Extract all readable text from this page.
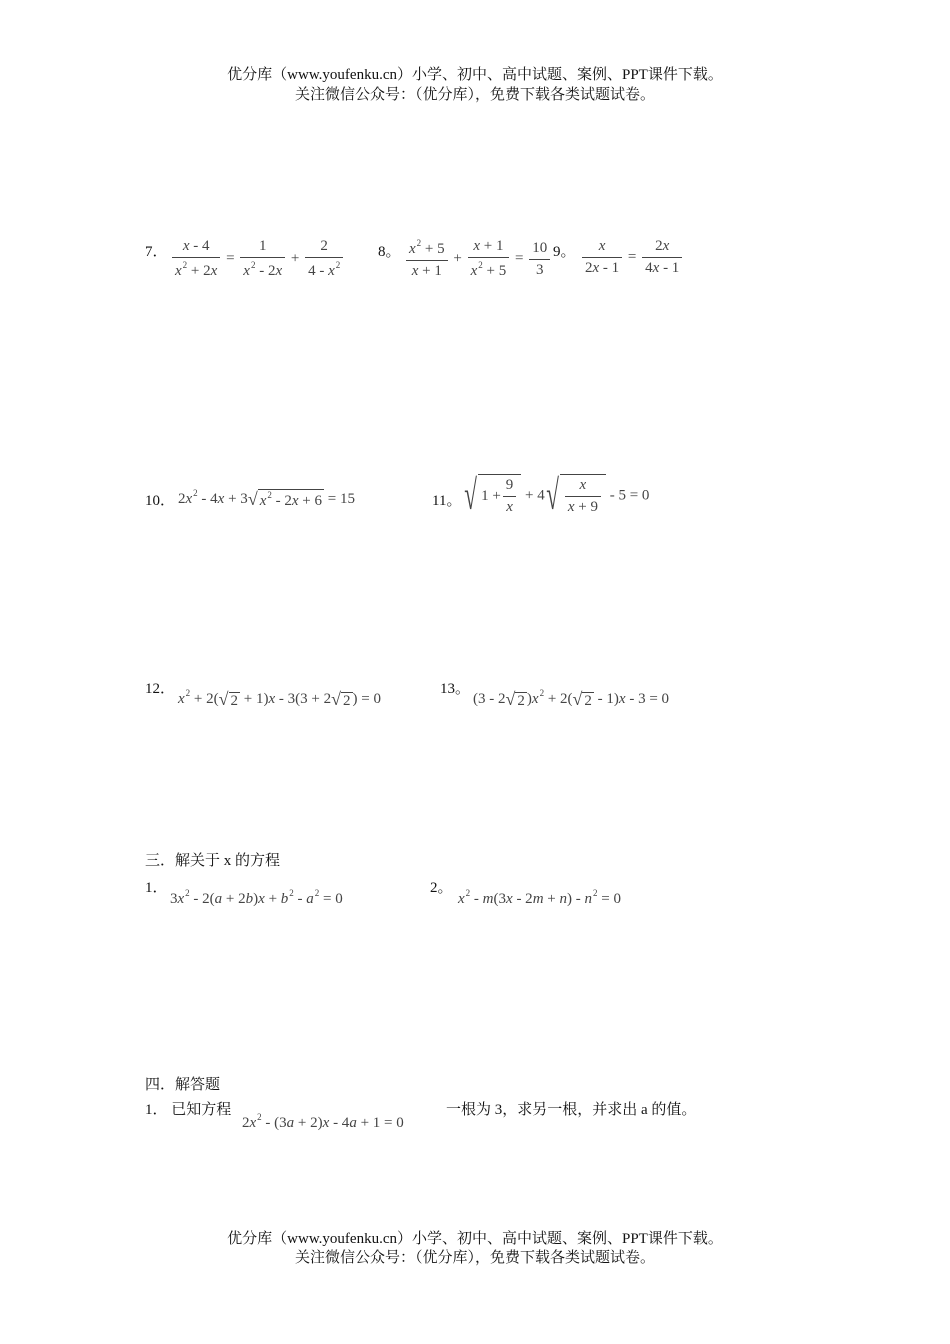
优分库（www.youfenku.cn）小学、初中、高中试题、案例、PPT课件下载。
关注微信公众号：（优分库），免费下载各类试题试卷。
7． $\frac{x - 4}{x^2 + 2x} = \frac{1}{x^2 - 2x} + \frac{2}{4 - x^2} 8$。 $\frac{x^2 + 5}{x + 1} + \frac{x + 1}{x^2 + 5} = \frac{10}{3} 9$。 $\frac{x}{2x - 1} = \frac{2x}{4x - 1}$
10． $2x^2 - 4x + 3√$ $x^2 - 2x + 6 = 15$	11。 √ $1 + \frac{9}{x} + 4$ √ $\frac{x}{x + 9} - 5 = 0$
12．
$x^2 + 2(√$ 2 + 1)x - 3(3 + 2√ 2 ) = 0
13。
(3 - 2√ 2 )$x^2 + 2(√$ 2 - 1)x - 3 = 0
三．解关于 x 的方程
1．
$3x^2 - 2(a + 2b)x + b^2 - a^2 = 0$
2。
$x^2 - m(3x - 2m + n) - n^2 = 0$
四．解答题
1． 已知方程
$2x^2 - (3a + 2)x - 4a + 1 = 0$
一根为 3，求另一根，并求出 a 的值。
优分库（www.youfenku.cn）小学、初中、高中试题、案例、PPT课件下载。
关注微信公众号：（优分库），免费下载各类试题试卷。
